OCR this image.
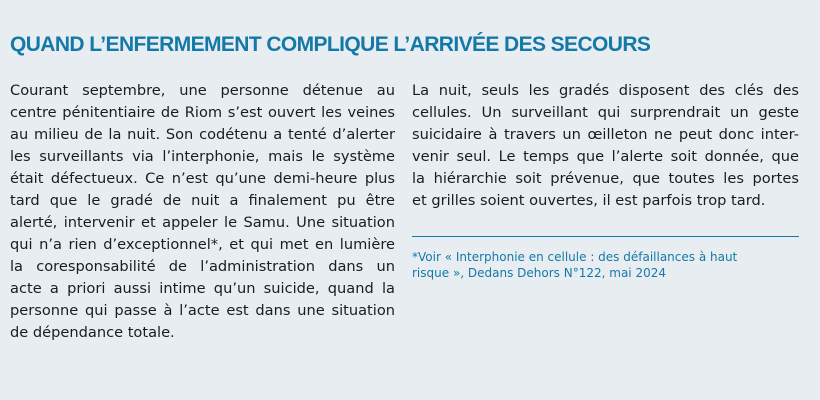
QUAND L’ENFERMEMENT COMPLIQUE L’ARRIVÉE DES SECOURS

Courant septembre, une personne détenue au
centre pénitentiaire de Riom s’est ouvert les veines
au milieu de la nuit. Son codétenu a tenté d’alerter
les surveillants via l’interphonie, mais le système
était défectueux. Ce n’est qu’une demi-heure plus
tard que le gradé de nuit a finalement pu être
alerté, intervenir et appeler le Samu. Une situation
qui n’a rien d’exceptionnel*, et qui met en lumière
la coresponsabilité de l’administration dans un
acte a priori aussi intime qu’un suicide, quand la
personne qui passe à l’acte est dans une situation
de dépendance totale.

La nuit, seuls les gradés disposent des clés des
cellules. Un surveillant qui surprendrait un geste
suicidaire à travers un œilleton ne peut donc inter-
venir seul. Le temps que l’alerte soit donnée, que
la hiérarchie soit prévenue, que toutes les portes
et grilles soient ouvertes, il est parfois trop tard.

*Voir « Interphonie en cellule : des défaillances à haut
risque », Dedans Dehors N°122, mai 2024
